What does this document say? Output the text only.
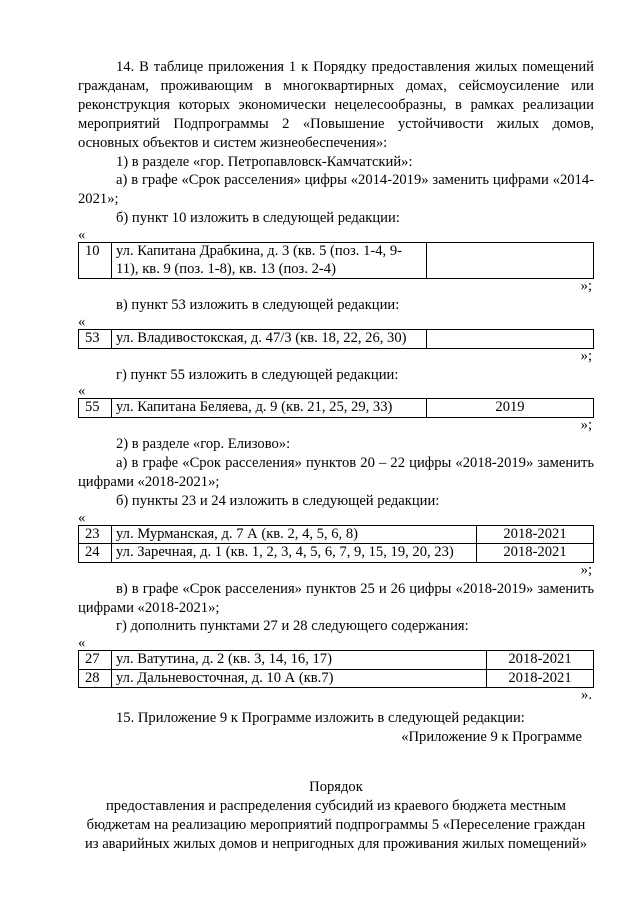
14. В таблице приложения 1 к Порядку предоставления жилых помещений гражданам, проживающим в многоквартирных домах, сейсмоусиление или реконструкция которых экономически нецелесообразны, в рамках реализации мероприятий Подпрограммы 2 «Повышение устойчивости жилых домов, основных объектов и систем жизнеобеспечения»:

1) в разделе «гор. Петропавловск-Камчатский»:

а) в графе «Срок расселения» цифры «2014-2019» заменить цифрами «2014-2021»;

б) пункт 10 изложить в следующей редакции:

«

10	ул. Капитана Драбкина, д. 3 (кв. 5 (поз. 1-4, 9-11), кв. 9 (поз. 1-8), кв. 13 (поз. 2-4)	

»;

в) пункт 53 изложить в следующей редакции:

«

53	ул. Владивостокская, д. 47/3 (кв. 18, 22, 26, 30)	

»;

г) пункт 55 изложить в следующей редакции:

«

55	ул. Капитана Беляева, д. 9 (кв. 21, 25, 29, 33)	2019

»;

2) в разделе «гор. Елизово»:

а) в графе «Срок расселения» пунктов 20 – 22 цифры «2018-2019» заменить цифрами «2018-2021»;

б) пункты 23 и 24 изложить в следующей редакции:

«

23	ул. Мурманская, д. 7 А (кв. 2, 4, 5, 6, 8)	2018-2021
24	ул. Заречная, д. 1 (кв. 1, 2, 3, 4, 5, 6, 7, 9, 15, 19, 20, 23)	2018-2021

»;

в) в графе «Срок расселения» пунктов 25 и 26 цифры «2018-2019» заменить цифрами «2018-2021»;

г) дополнить пунктами 27 и 28 следующего содержания:

«

27	ул. Ватутина, д. 2 (кв. 3, 14, 16, 17)	2018-2021
28	ул. Дальневосточная, д. 10 А (кв.7)	2018-2021

».

15. Приложение 9 к Программе изложить в следующей редакции:

«Приложение 9 к Программе

Порядок

предоставления и распределения субсидий из краевого бюджета местным бюджетам на реализацию мероприятий подпрограммы 5 «Переселение граждан из аварийных жилых домов и непригодных для проживания жилых помещений»
